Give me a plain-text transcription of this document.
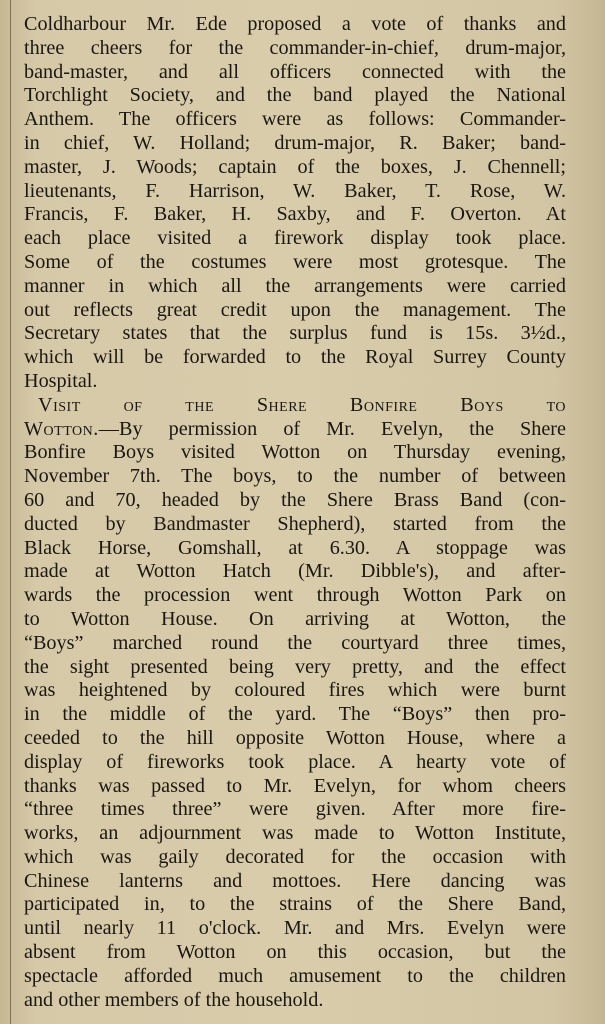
Coldharbour Mr. Ede proposed a vote of thanks and
three cheers for the commander-in-chief, drum-major,
band-master, and all officers connected with the
Torchlight Society, and the band played the National
Anthem. The officers were as follows: Commander-
in chief, W. Holland; drum-major, R. Baker; band-
master, J. Woods; captain of the boxes, J. Chennell;
lieutenants, F. Harrison, W. Baker, T. Rose, W.
Francis, F. Baker, H. Saxby, and F. Overton. At
each place visited a firework display took place.
Some of the costumes were most grotesque. The
manner in which all the arrangements were carried
out reflects great credit upon the management. The
Secretary states that the surplus fund is 15s. 3½d.,
which will be forwarded to the Royal Surrey County
Hospital.
Visit of the Shere Bonfire Boys to
Wotton.—By permission of Mr. Evelyn, the Shere
Bonfire Boys visited Wotton on Thursday evening,
November 7th. The boys, to the number of between
60 and 70, headed by the Shere Brass Band (con-
ducted by Bandmaster Shepherd), started from the
Black Horse, Gomshall, at 6.30. A stoppage was
made at Wotton Hatch (Mr. Dibble's), and after-
wards the procession went through Wotton Park on
to Wotton House. On arriving at Wotton, the
“Boys” marched round the courtyard three times,
the sight presented being very pretty, and the effect
was heightened by coloured fires which were burnt
in the middle of the yard. The “Boys” then pro-
ceeded to the hill opposite Wotton House, where a
display of fireworks took place. A hearty vote of
thanks was passed to Mr. Evelyn, for whom cheers
“three times three” were given. After more fire-
works, an adjournment was made to Wotton Institute,
which was gaily decorated for the occasion with
Chinese lanterns and mottoes. Here dancing was
participated in, to the strains of the Shere Band,
until nearly 11 o'clock. Mr. and Mrs. Evelyn were
absent from Wotton on this occasion, but the
spectacle afforded much amusement to the children
and other members of the household.
